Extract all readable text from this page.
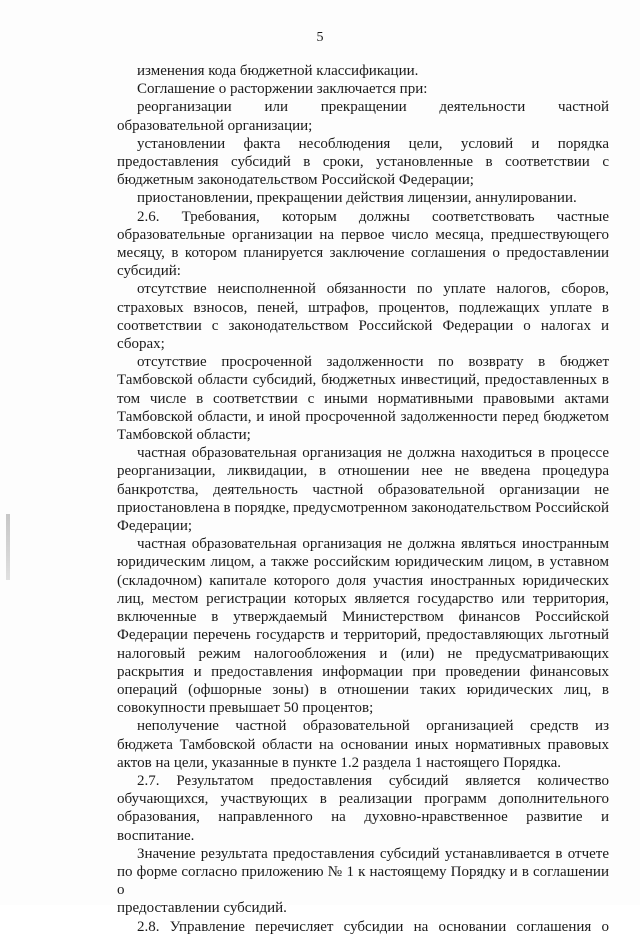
5

изменения кода бюджетной классификации.

Соглашение о расторжении заключается при:

реорганизации или прекращении деятельности частной

образовательной организации;

установлении факта несоблюдения цели, условий и порядка

предоставления субсидий в сроки, установленные в соответствии с

бюджетным законодательством Российской Федерации;

приостановлении, прекращении действия лицензии, аннулировании.

2.6. Требования, которым должны соответствовать частные

образовательные организации на первое число месяца, предшествующего

месяцу, в котором планируется заключение соглашения о предоставлении

субсидий:

отсутствие неисполненной обязанности по уплате налогов, сборов,

страховых взносов, пеней, штрафов, процентов, подлежащих уплате в

соответствии с законодательством Российской Федерации о налогах и сборах;

отсутствие просроченной задолженности по возврату в бюджет

Тамбовской области субсидий, бюджетных инвестиций, предоставленных в

том числе в соответствии с иными нормативными правовыми актами

Тамбовской области, и иной просроченной задолженности перед бюджетом

Тамбовской области;

частная образовательная организация не должна находиться в процессе

реорганизации, ликвидации, в отношении нее не введена процедура

банкротства, деятельность частной образовательной организации не

приостановлена в порядке, предусмотренном законодательством Российской

Федерации;

частная образовательная организация не должна являться иностранным

юридическим лицом, а также российским юридическим лицом, в уставном

(складочном) капитале которого доля участия иностранных юридических

лиц, местом регистрации которых является государство или территория,

включенные в утверждаемый Министерством финансов Российской

Федерации перечень государств и территорий, предоставляющих льготный

налоговый режим налогообложения и (или) не предусматривающих

раскрытия и предоставления информации при проведении финансовых

операций (офшорные зоны) в отношении таких юридических лиц, в

совокупности превышает 50 процентов;

неполучение частной образовательной организацией средств из

бюджета Тамбовской области на основании иных нормативных правовых

актов на цели, указанные в пункте 1.2 раздела 1 настоящего Порядка.

2.7. Результатом предоставления субсидий является количество

обучающихся, участвующих в реализации программ дополнительного

образования, направленного на духовно-нравственное развитие и воспитание.

Значение результата предоставления субсидий устанавливается в отчете

по форме согласно приложению № 1 к настоящему Порядку и в соглашении о

предоставлении субсидий.

2.8. Управление перечисляет субсидии на основании соглашения о
